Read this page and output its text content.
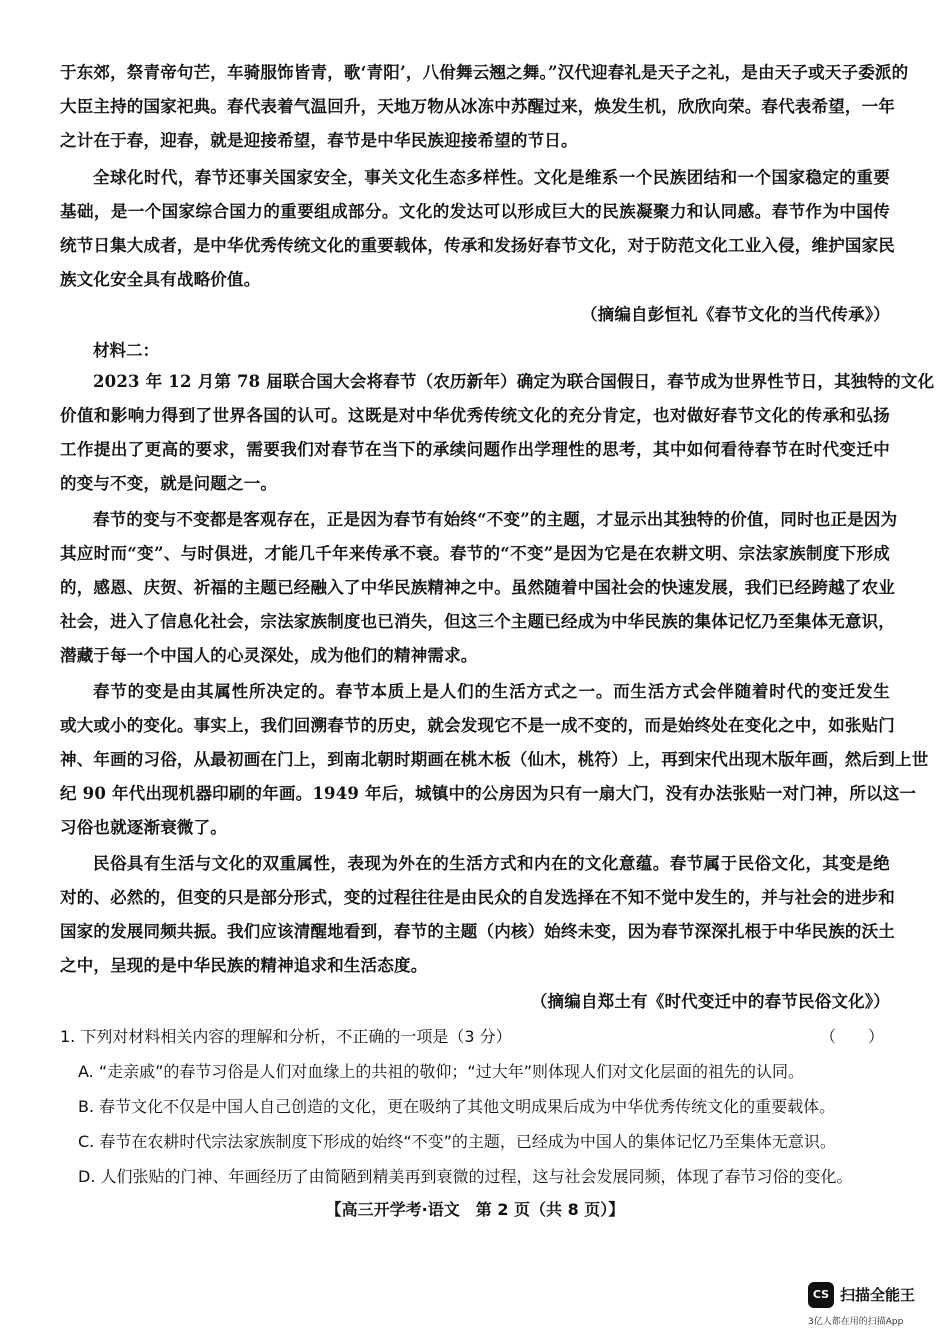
于东郊，祭青帝句芒，车骑服饰皆青，歌‘青阳’，八佾舞云翘之舞。”汉代迎春礼是天子之礼，是由天子或天子委派的
大臣主持的国家祀典。春代表着气温回升，天地万物从冰冻中苏醒过来，焕发生机，欣欣向荣。春代表希望，一年
之计在于春，迎春，就是迎接希望，春节是中华民族迎接希望的节日。
全球化时代，春节还事关国家安全，事关文化生态多样性。文化是维系一个民族团结和一个国家稳定的重要
基础，是一个国家综合国力的重要组成部分。文化的发达可以形成巨大的民族凝聚力和认同感。春节作为中国传
统节日集大成者，是中华优秀传统文化的重要载体，传承和发扬好春节文化，对于防范文化工业入侵，维护国家民
族文化安全具有战略价值。
（摘编自彭恒礼《春节文化的当代传承》）
材料二：
2023 年 12 月第 78 届联合国大会将春节（农历新年）确定为联合国假日，春节成为世界性节日，其独特的文化
价值和影响力得到了世界各国的认可。这既是对中华优秀传统文化的充分肯定，也对做好春节文化的传承和弘扬
工作提出了更高的要求，需要我们对春节在当下的承续问题作出学理性的思考，其中如何看待春节在时代变迁中
的变与不变，就是问题之一。
春节的变与不变都是客观存在，正是因为春节有始终“不变”的主题，才显示出其独特的价值，同时也正是因为
其应时而“变”、与时俱进，才能几千年来传承不衰。春节的“不变”是因为它是在农耕文明、宗法家族制度下形成
的，感恩、庆贺、祈福的主题已经融入了中华民族精神之中。虽然随着中国社会的快速发展，我们已经跨越了农业
社会，进入了信息化社会，宗法家族制度也已消失，但这三个主题已经成为中华民族的集体记忆乃至集体无意识，
潜藏于每一个中国人的心灵深处，成为他们的精神需求。
春节的变是由其属性所决定的。春节本质上是人们的生活方式之一。而生活方式会伴随着时代的变迁发生
或大或小的变化。事实上，我们回溯春节的历史，就会发现它不是一成不变的，而是始终处在变化之中，如张贴门
神、年画的习俗，从最初画在门上，到南北朝时期画在桃木板（仙木，桃符）上，再到宋代出现木版年画，然后到上世
纪 90 年代出现机器印刷的年画。1949 年后，城镇中的公房因为只有一扇大门，没有办法张贴一对门神，所以这一
习俗也就逐渐衰微了。
民俗具有生活与文化的双重属性，表现为外在的生活方式和内在的文化意蕴。春节属于民俗文化，其变是绝
对的、必然的，但变的只是部分形式，变的过程往往是由民众的自发选择在不知不觉中发生的，并与社会的进步和
国家的发展同频共振。我们应该清醒地看到，春节的主题（内核）始终未变，因为春节深深扎根于中华民族的沃土
之中，呈现的是中华民族的精神追求和生活态度。
（摘编自郑土有《时代变迁中的春节民俗文化》）
1. 下列对材料相关内容的理解和分析，不正确的一项是（3 分）	（　　）
A. “走亲戚”的春节习俗是人们对血缘上的共祖的敬仰；“过大年”则体现人们对文化层面的祖先的认同。
B. 春节文化不仅是中国人自己创造的文化，更在吸纳了其他文明成果后成为中华优秀传统文化的重要载体。
C. 春节在农耕时代宗法家族制度下形成的始终“不变”的主题，已经成为中国人的集体记忆乃至集体无意识。
D. 人们张贴的门神、年画经历了由简陋到精美再到衰微的过程，这与社会发展同频，体现了春节习俗的变化。
【高三开学考·语文　第 2 页（共 8 页）】
CS 扫描全能王
3亿人都在用的扫描App
